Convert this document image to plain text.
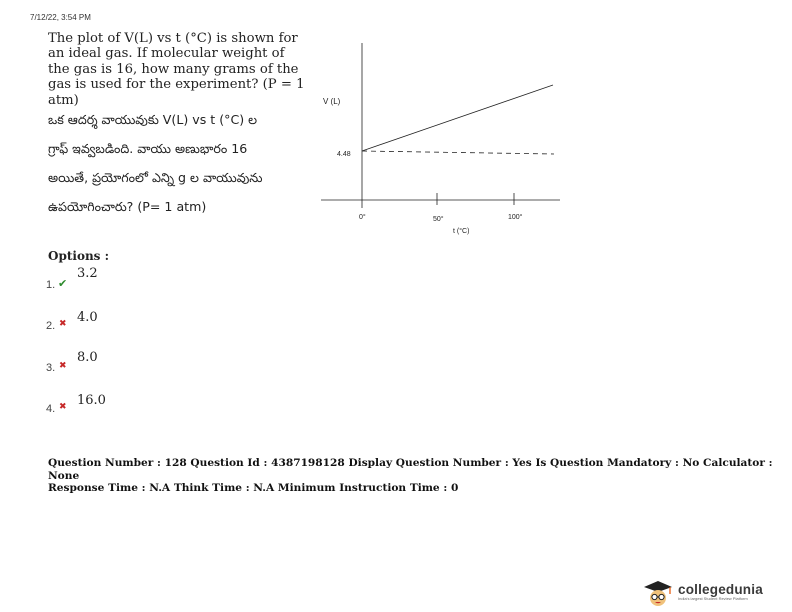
7/12/22, 3:54 PM
The plot of V(L) vs t (°C) is shown for an ideal gas. If molecular weight of the gas is 16, how many grams of the gas is used for the experiment? (P = 1 atm)
ఒక ఆదర్శ వాయువుకు V(L) vs t (°C) ల
గ్రాఫ్ ఇవ్వబడింది. వాయు అణుభారం 16
అయితే, ప్రయోగంలో ఎన్ని g ల వాయువును
ఉపయోగించారు? (P= 1 atm)
V (L)
4.48
0°	50°	100°
t (°C)
Options :
1. ✔
3.2
2. ✖ 4.0
3. ✖
8.0
4. ✖ 16.0
Question Number : 128 Question Id : 4387198128 Display Question Number : Yes Is Question Mandatory : No Calculator : None
Response Time : N.A Think Time : N.A Minimum Instruction Time : 0
collegedunia
India's largest Student Review Platform
